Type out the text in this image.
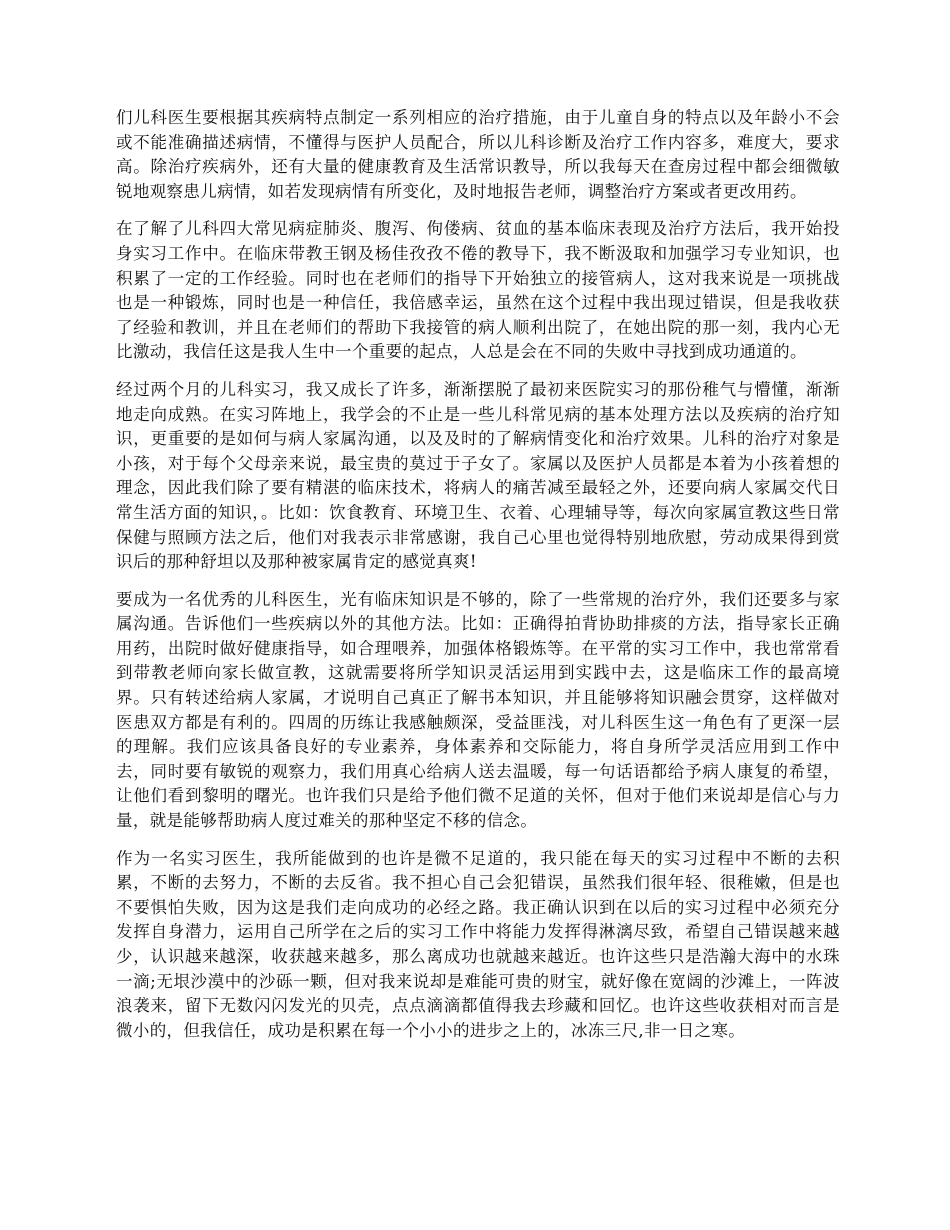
们儿科医生要根据其疾病特点制定一系列相应的治疗措施，由于儿童自身的特点以及年龄小不会或不能准确描述病情，不懂得与医护人员配合，所以儿科诊断及治疗工作内容多，难度大，要求高。除治疗疾病外，还有大量的健康教育及生活常识教导，所以我每天在查房过程中都会细微敏锐地观察患儿病情，如若发现病情有所变化，及时地报告老师，调整治疗方案或者更改用药。

在了解了儿科四大常见病症肺炎、腹泻、佝偻病、贫血的基本临床表现及治疗方法后，我开始投身实习工作中。在临床带教王钢及杨佳孜孜不倦的教导下，我不断汲取和加强学习专业知识，也积累了一定的工作经验。同时也在老师们的指导下开始独立的接管病人，这对我来说是一项挑战也是一种锻炼，同时也是一种信任，我倍感幸运，虽然在这个过程中我出现过错误，但是我收获了经验和教训，并且在老师们的帮助下我接管的病人顺利出院了，在她出院的那一刻，我内心无比激动，我信任这是我人生中一个重要的起点，人总是会在不同的失败中寻找到成功通道的。

经过两个月的儿科实习，我又成长了许多，渐渐摆脱了最初来医院实习的那份稚气与懵懂，渐渐地走向成熟。在实习阵地上，我学会的不止是一些儿科常见病的基本处理方法以及疾病的治疗知识，更重要的是如何与病人家属沟通，以及及时的了解病情变化和治疗效果。儿科的治疗对象是小孩，对于每个父母亲来说，最宝贵的莫过于子女了。家属以及医护人员都是本着为小孩着想的理念，因此我们除了要有精湛的临床技术，将病人的痛苦减至最轻之外，还要向病人家属交代日常生活方面的知识，。比如：饮食教育、环境卫生、衣着、心理辅导等，每次向家属宣教这些日常保健与照顾方法之后，他们对我表示非常感谢，我自己心里也觉得特别地欣慰，劳动成果得到赏识后的那种舒坦以及那种被家属肯定的感觉真爽!

要成为一名优秀的儿科医生，光有临床知识是不够的，除了一些常规的治疗外，我们还要多与家属沟通。告诉他们一些疾病以外的其他方法。比如：正确得拍背协助排痰的方法，指导家长正确用药，出院时做好健康指导，如合理喂养，加强体格锻炼等。在平常的实习工作中，我也常常看到带教老师向家长做宣教，这就需要将所学知识灵活运用到实践中去，这是临床工作的最高境界。只有转述给病人家属，才说明自己真正了解书本知识，并且能够将知识融会贯穿，这样做对医患双方都是有利的。四周的历练让我感触颇深，受益匪浅，对儿科医生这一角色有了更深一层的理解。我们应该具备良好的专业素养，身体素养和交际能力，将自身所学灵活应用到工作中去，同时要有敏锐的观察力，我们用真心给病人送去温暖，每一句话语都给予病人康复的希望，让他们看到黎明的曙光。也许我们只是给予他们微不足道的关怀，但对于他们来说却是信心与力量，就是能够帮助病人度过难关的那种坚定不移的信念。

作为一名实习医生，我所能做到的也许是微不足道的，我只能在每天的实习过程中不断的去积累，不断的去努力，不断的去反省。我不担心自己会犯错误，虽然我们很年轻、很稚嫩，但是也不要惧怕失败，因为这是我们走向成功的必经之路。我正确认识到在以后的实习过程中必须充分发挥自身潜力，运用自己所学在之后的实习工作中将能力发挥得淋漓尽致，希望自己错误越来越少，认识越来越深，收获越来越多，那么离成功也就越来越近。也许这些只是浩瀚大海中的水珠一滴;无垠沙漠中的沙砾一颗，但对我来说却是难能可贵的财宝，就好像在宽阔的沙滩上，一阵波浪袭来，留下无数闪闪发光的贝壳，点点滴滴都值得我去珍藏和回忆。也许这些收获相对而言是微小的，但我信任，成功是积累在每一个小小的进步之上的，冰冻三尺,非一日之寒。
